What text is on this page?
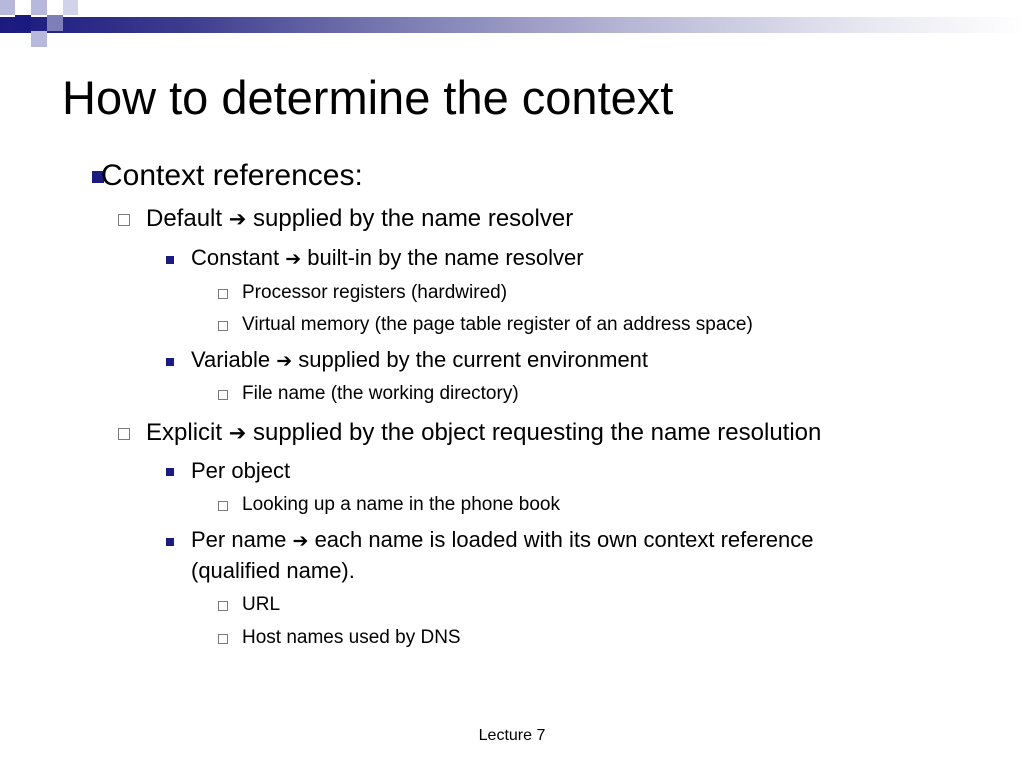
How to determine the context
Context references:
Default ➔ supplied by the name resolver
Constant ➔ built-in by the name resolver
Processor registers (hardwired)
Virtual memory (the page table register of an address space)
Variable ➔ supplied by the current environment
File name (the working directory)
Explicit ➔ supplied by the object requesting the name resolution
Per object
Looking up a name in the phone book
Per name ➔ each name is loaded with its own context reference
(qualified name).
URL
Host names used by DNS
Lecture 7
